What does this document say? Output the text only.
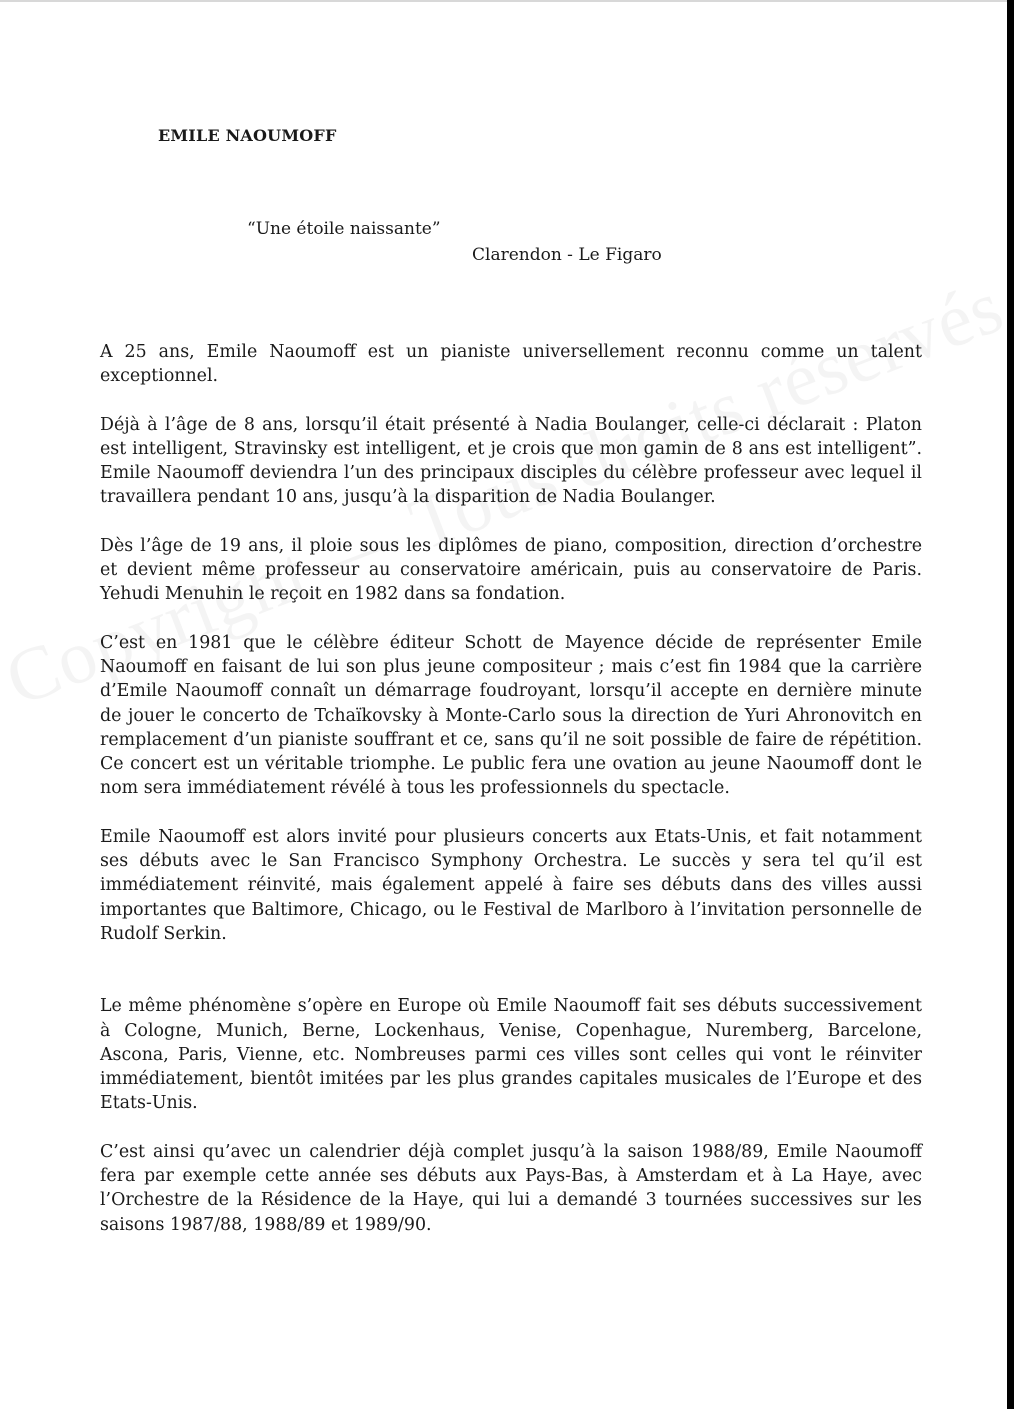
EMILE NAOUMOFF
“Une étoile naissante”
Clarendon - Le Figaro

A 25 ans, Emile Naoumoff est un pianiste universellement reconnu comme un talent exceptionnel.

Déjà à l’âge de 8 ans, lorsqu’il était présenté à Nadia Boulanger, celle-ci déclarait : Platon est intelligent, Stravinsky est intelligent, et je crois que mon gamin de 8 ans est intelligent”. Emile Naoumoff deviendra l’un des principaux disciples du célèbre professeur avec lequel il travaillera pendant 10 ans, jusqu’à la disparition de Nadia Boulanger.

Dès l’âge de 19 ans, il ploie sous les diplômes de piano, composition, direction d’orchestre et devient même professeur au conservatoire américain, puis au conservatoire de Paris. Yehudi Menuhin le reçoit en 1982 dans sa fondation.

C’est en 1981 que le célèbre éditeur Schott de Mayence décide de représenter Emile Naoumoff en faisant de lui son plus jeune compositeur ; mais c’est fin 1984 que la carrière d’Emile Naoumoff connaît un démarrage foudroyant, lorsqu’il accepte en dernière minute de jouer le concerto de Tchaïkovsky à Monte-Carlo sous la direction de Yuri Ahronovitch en remplacement d’un pianiste souffrant et ce, sans qu’il ne soit possible de faire de répétition. Ce concert est un véritable triomphe. Le public fera une ovation au jeune Naoumoff dont le nom sera immédiatement révélé à tous les professionnels du spectacle.

Emile Naoumoff est alors invité pour plusieurs concerts aux Etats-Unis, et fait notamment ses débuts avec le San Francisco Symphony Orchestra. Le succès y sera tel qu’il est immédiatement réinvité, mais également appelé à faire ses débuts dans des villes aussi importantes que Baltimore, Chicago, ou le Festival de Marlboro à l’invitation personnelle de Rudolf Serkin.

Le même phénomène s’opère en Europe où Emile Naoumoff fait ses débuts successivement à Cologne, Munich, Berne, Lockenhaus, Venise, Copenhague, Nuremberg, Barcelone, Ascona, Paris, Vienne, etc. Nombreuses parmi ces villes sont celles qui vont le réinviter immédiatement, bientôt imitées par les plus grandes capitales musicales de l’Europe et des Etats-Unis.

C’est ainsi qu’avec un calendrier déjà complet jusqu’à la saison 1988/89, Emile Naoumoff fera par exemple cette année ses débuts aux Pays-Bas, à Amsterdam et à La Haye, avec l’Orchestre de la Résidence de la Haye, qui lui a demandé 3 tournées successives sur les saisons 1987/88, 1988/89 et 1989/90.
